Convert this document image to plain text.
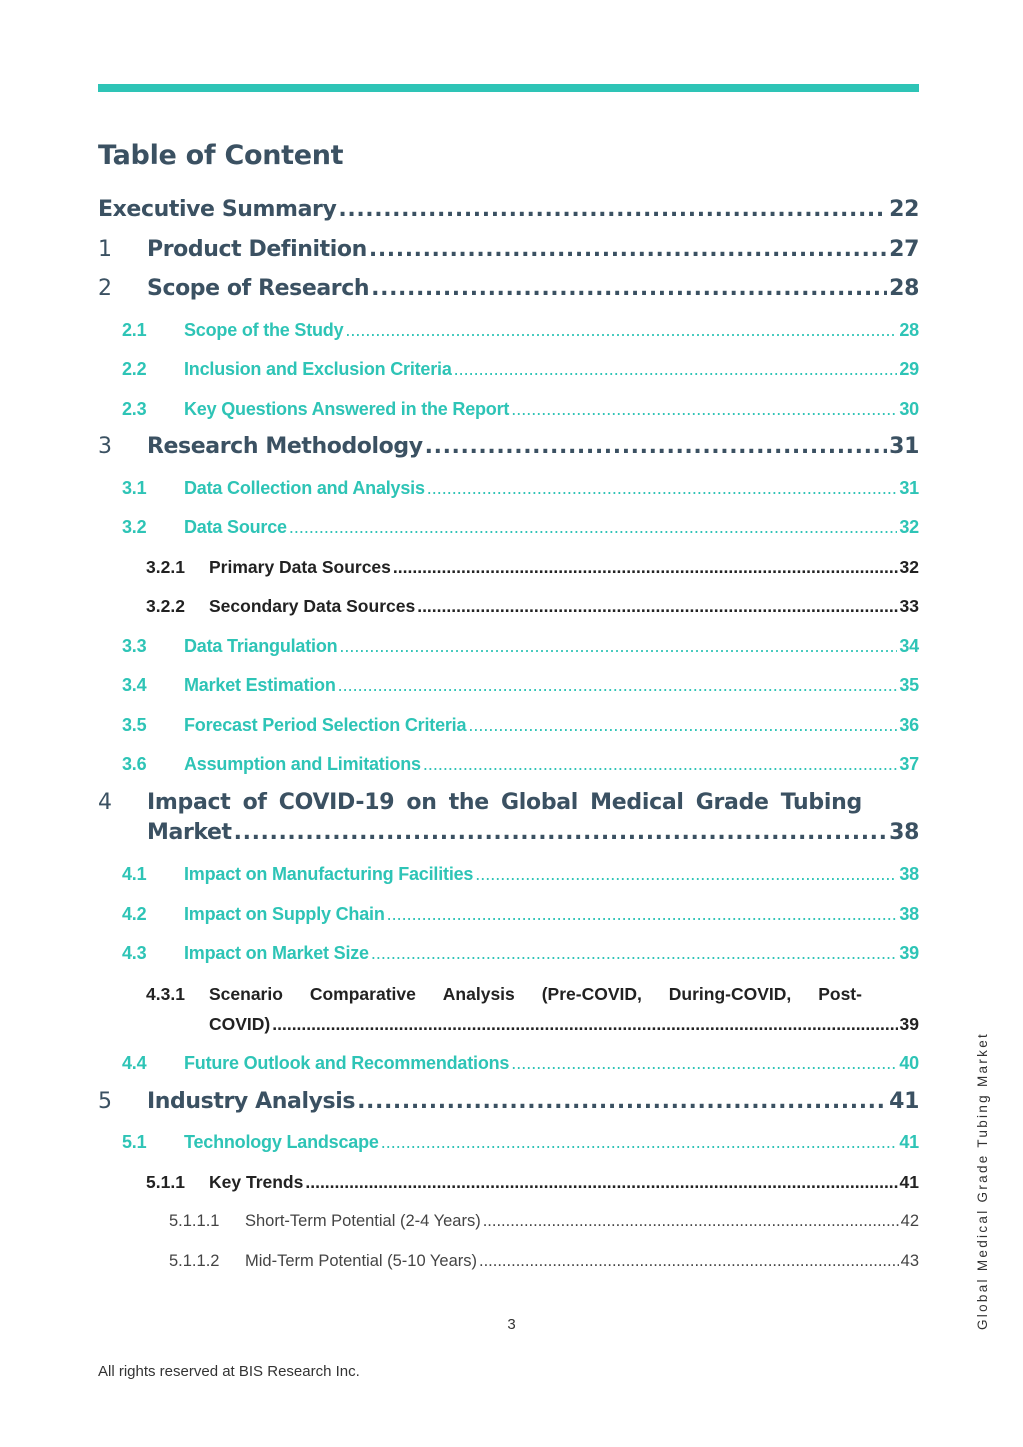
Table of Content
Executive Summary .....	22
1	Product Definition .....	27
2	Scope of Research .....	28
2.1	Scope of the Study .....	28
2.2	Inclusion and Exclusion Criteria .....	29
2.3	Key Questions Answered in the Report .....	30
3	Research Methodology .....	31
3.1	Data Collection and Analysis .....	31
3.2	Data Source .....	32
3.2.1	Primary Data Sources .....	32
3.2.2	Secondary Data Sources .....	33
3.3	Data Triangulation .....	34
3.4	Market Estimation .....	35
3.5	Forecast Period Selection Criteria .....	36
3.6	Assumption and Limitations .....	37
4 Impact of COVID-19 on the Global Medical Grade Tubing
Market .....	38
4.1	Impact on Manufacturing Facilities .....	38
4.2	Impact on Supply Chain .....	38
4.3	Impact on Market Size .....	39
4.3.1 Scenario Comparative Analysis (Pre-COVID, During-COVID, Post-
COVID) .....	39
4.4	Future Outlook and Recommendations .....	40
5	Industry Analysis .....	41
5.1	Technology Landscape .....	41
5.1.1	Key Trends .....	41
5.1.1.1	Short-Term Potential (2-4 Years) .....	42
5.1.1.2	Mid-Term Potential (5-10 Years) .....	43
3
All rights reserved at BIS Research Inc.
Global Medical Grade Tubing Market
